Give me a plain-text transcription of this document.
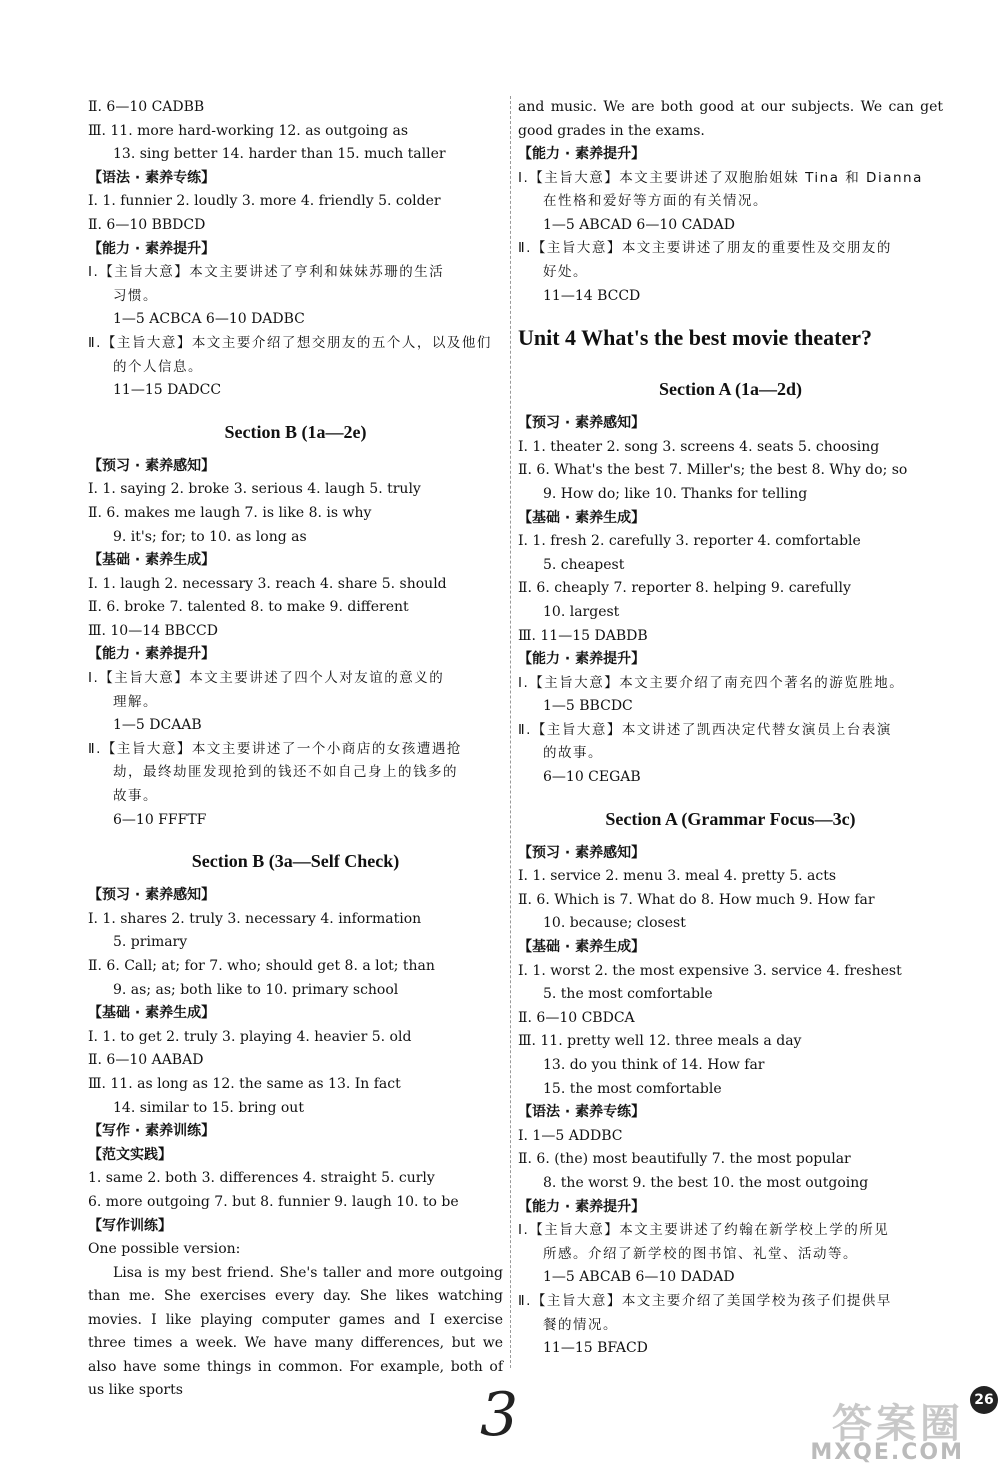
Ⅱ. 6—10 CADBB
Ⅲ. 11. more hard-working 12. as outgoing as
13. sing better 14. harder than 15. much taller
【语法 · 素养专练】
Ⅰ. 1. funnier 2. loudly 3. more 4. friendly 5. colder
Ⅱ. 6—10 BBDCD
【能力 · 素养提升】
Ⅰ.【主旨大意】本文主要讲述了亨利和妹妹苏珊的生活
习惯。
1—5 ACBCA 6—10 DADBC
Ⅱ.【主旨大意】本文主要介绍了想交朋友的五个人，以及他们
的个人信息。
11—15 DADCC
Section B (1a—2e)
【预习 · 素养感知】
Ⅰ. 1. saying 2. broke 3. serious 4. laugh 5. truly
Ⅱ. 6. makes me laugh 7. is like 8. is why
9. it's; for; to 10. as long as
【基础 · 素养生成】
Ⅰ. 1. laugh 2. necessary 3. reach 4. share 5. should
Ⅱ. 6. broke 7. talented 8. to make 9. different
Ⅲ. 10—14 BBCCD
【能力 · 素养提升】
Ⅰ.【主旨大意】本文主要讲述了四个人对友谊的意义的
理解。
1—5 DCAAB
Ⅱ.【主旨大意】本文主要讲述了一个小商店的女孩遭遇抢
劫，最终劫匪发现抢到的钱还不如自己身上的钱多的
故事。
6—10 FFFTF
Section B (3a—Self Check)
【预习 · 素养感知】
Ⅰ. 1. shares 2. truly 3. necessary 4. information
5. primary
Ⅱ. 6. Call; at; for 7. who; should get 8. a lot; than
9. as; as; both like to 10. primary school
【基础 · 素养生成】
Ⅰ. 1. to get 2. truly 3. playing 4. heavier 5. old
Ⅱ. 6—10 AABAD
Ⅲ. 11. as long as 12. the same as 13. In fact
14. similar to 15. bring out
【写作 · 素养训练】
【范文实践】
1. same 2. both 3. differences 4. straight 5. curly
6. more outgoing 7. but 8. funnier 9. laugh 10. to be
【写作训练】
One possible version:
Lisa is my best friend. She's taller and more outgoing than me. She exercises every day. She likes watching movies. I like playing computer games and I exercise three times a week. We have many differences, but we also have some things in common. For example, both of us like sports
and music. We are both good at our subjects. We can get good grades in the exams.
【能力 · 素养提升】
Ⅰ.【主旨大意】本文主要讲述了双胞胎姐妹 Tina 和 Dianna
在性格和爱好等方面的有关情况。
1—5 ABCAD 6—10 CADAD
Ⅱ.【主旨大意】本文主要讲述了朋友的重要性及交朋友的
好处。
11—14 BCCD
Unit 4 What's the best movie theater?
Section A (1a—2d)
【预习 · 素养感知】
Ⅰ. 1. theater 2. song 3. screens 4. seats 5. choosing
Ⅱ. 6. What's the best 7. Miller's; the best 8. Why do; so
9. How do; like 10. Thanks for telling
【基础 · 素养生成】
Ⅰ. 1. fresh 2. carefully 3. reporter 4. comfortable
5. cheapest
Ⅱ. 6. cheaply 7. reporter 8. helping 9. carefully
10. largest
Ⅲ. 11—15 DABDB
【能力 · 素养提升】
Ⅰ.【主旨大意】本文主要介绍了南充四个著名的游览胜地。
1—5 BBCDC
Ⅱ.【主旨大意】本文讲述了凯西决定代替女演员上台表演
的故事。
6—10 CEGAB
Section A (Grammar Focus—3c)
【预习 · 素养感知】
Ⅰ. 1. service 2. menu 3. meal 4. pretty 5. acts
Ⅱ. 6. Which is 7. What do 8. How much 9. How far
10. because; closest
【基础 · 素养生成】
Ⅰ. 1. worst 2. the most expensive 3. service 4. freshest
5. the most comfortable
Ⅱ. 6—10 CBDCA
Ⅲ. 11. pretty well 12. three meals a day
13. do you think of 14. How far
15. the most comfortable
【语法 · 素养专练】
Ⅰ. 1—5 ADDBC
Ⅱ. 6. (the) most beautifully 7. the most popular
8. the worst 9. the best 10. the most outgoing
【能力 · 素养提升】
Ⅰ.【主旨大意】本文主要讲述了约翰在新学校上学的所见
所感。介绍了新学校的图书馆、礼堂、活动等。
1—5 ABCAB 6—10 DADAD
Ⅱ.【主旨大意】本文主要介绍了美国学校为孩子们提供早
餐的情况。
11—15 BFACD
3	答案圈
MXQE.COM
26
